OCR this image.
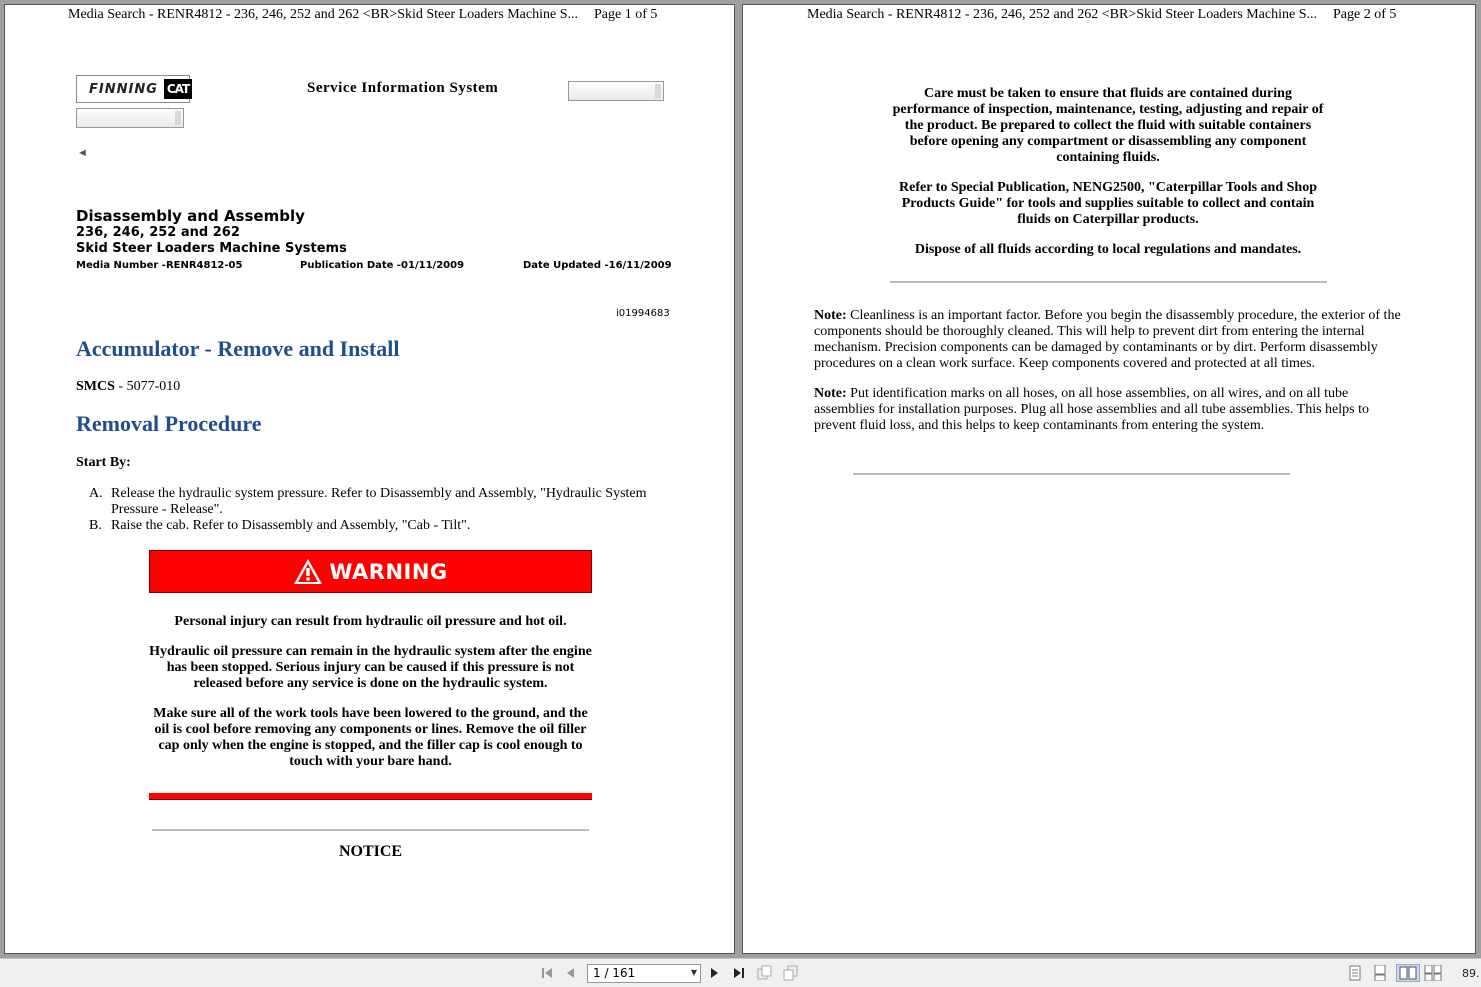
Media Search - RENR4812 - 236, 246, 252 and 262 <BR>Skid Steer Loaders Machine S... Page 1 of 5
FINNING CAT	Service Information System
◄
Disassembly and Assembly
236, 246, 252 and 262
Skid Steer Loaders Machine Systems
Media Number -RENR4812-05	Publication Date -01/11/2009	Date Updated -16/11/2009
i01994683
Accumulator - Remove and Install
SMCS - 5077-010
Removal Procedure
Start By:
A. Release the hydraulic system pressure. Refer to Disassembly and Assembly, "Hydraulic System Pressure - Release".
B. Raise the cab. Refer to Disassembly and Assembly, "Cab - Tilt".
WARNING
Personal injury can result from hydraulic oil pressure and hot oil.
Hydraulic oil pressure can remain in the hydraulic system after the engine has been stopped. Serious injury can be caused if this pressure is not released before any service is done on the hydraulic system.
Make sure all of the work tools have been lowered to the ground, and the oil is cool before removing any components or lines. Remove the oil filler cap only when the engine is stopped, and the filler cap is cool enough to touch with your bare hand.
NOTICE
Media Search - RENR4812 - 236, 246, 252 and 262 <BR>Skid Steer Loaders Machine S... Page 2 of 5
Care must be taken to ensure that fluids are contained during performance of inspection, maintenance, testing, adjusting and repair of the product. Be prepared to collect the fluid with suitable containers before opening any compartment or disassembling any component containing fluids.
Refer to Special Publication, NENG2500, "Caterpillar Tools and Shop Products Guide" for tools and supplies suitable to collect and contain fluids on Caterpillar products.
Dispose of all fluids according to local regulations and mandates.
Note: Cleanliness is an important factor. Before you begin the disassembly procedure, the exterior of the components should be thoroughly cleaned. This will help to prevent dirt from entering the internal mechanism. Precision components can be damaged by contaminants or by dirt. Perform disassembly procedures on a clean work surface. Keep components covered and protected at all times.
Note: Put identification marks on all hoses, on all hose assemblies, on all wires, and on all tube assemblies for installation purposes. Plug all hose assemblies and all tube assemblies. This helps to prevent fluid loss, and this helps to keep contaminants from entering the system.
1 / 161	▼	89.
